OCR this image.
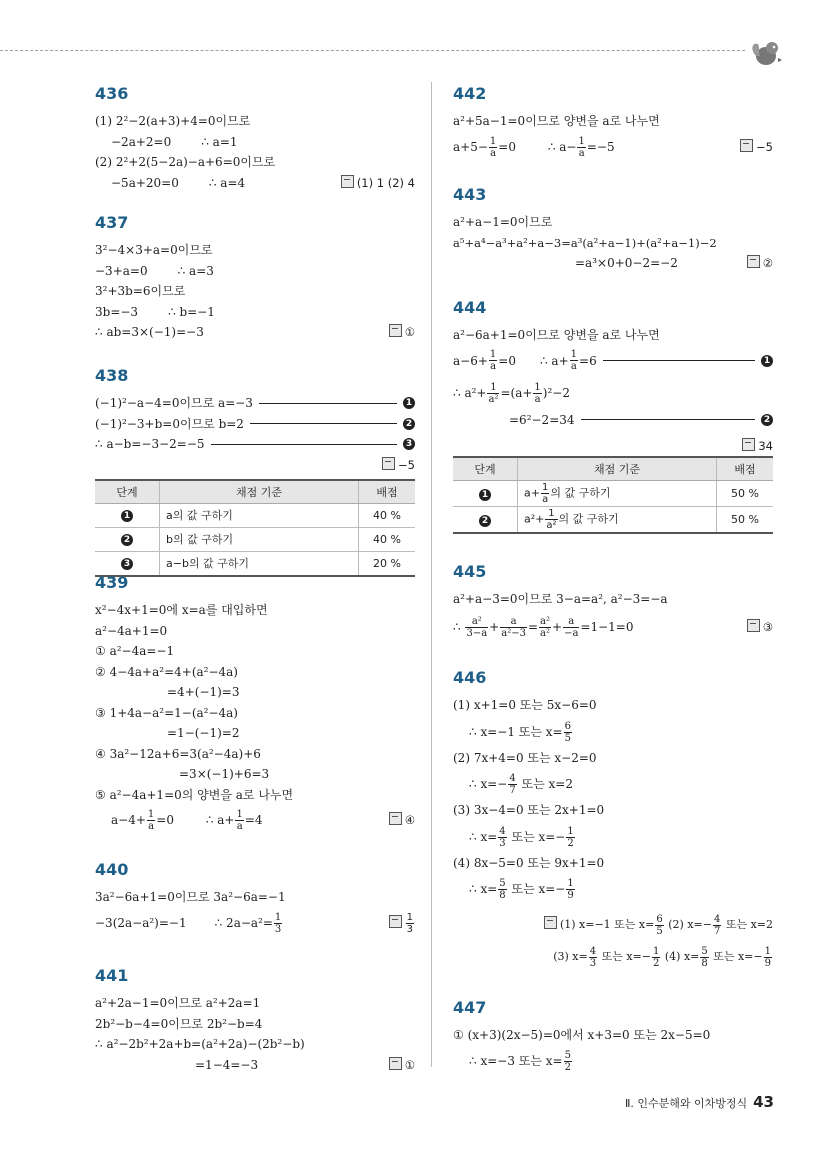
436
(1) 2²−2(a+3)+4=0이므로
−2a+2=0	∴ a=1
(2) 2²+2(5−2a)−a+6=0이므로
−5a+20=0	∴ a=4	(1) 1 (2) 4
437
3²−4×3+a=0이므로
−3+a=0	∴ a=3
3²+3b=6이므로
3b=−3	∴ b=−1
∴ ab=3×(−1)=−3	①
438
(−1)²−a−4=0이므로 a=−3	1
(−1)²−3+b=0이므로 b=2	2
∴ a−b=−3−2=−5	3
−5
단계	채점 기준	배점
1	a의 값 구하기	40 %
2	b의 값 구하기	40 %
3	a−b의 값 구하기	20 %
439
x²−4x+1=0에 x=a를 대입하면
a²−4a+1=0
① a²−4a=−1
② 4−4a+a²=4+(a²−4a)
=4+(−1)=3
③ 1+4a−a²=1−(a²−4a)
=1−(−1)=2
④ 3a²−12a+6=3(a²−4a)+6
=3×(−1)+6=3
⑤ a²−4a+1=0의 양변을 a로 나누면
$a-4+ \frac{1}{a} =0$	∴ $a+ \frac{1}{a} =4$	④
440
3a²−6a+1=0이므로 3a²−6a=−1
−3(2a−a²)=−1 ∴ $2a-a^2= \frac{1}{3}$	$\frac{1}{3}$
441
a²+2a−1=0이므로 a²+2a=1
2b²−b−4=0이므로 2b²−b=4
∴ a²−2b²+2a+b=(a²+2a)−(2b²−b)
=1−4=−3	①
442
a²+5a−1=0이므로 양변을 a로 나누면
$a+5- \frac{1}{a} =0$	∴ $a- \frac{1}{a} =-5$	−5
443
a²+a−1=0이므로
a⁵+a⁴−a³+a²+a−3=a³(a²+a−1)+(a²+a−1)−2
=a³×0+0−2=−2	②
444
a²−6a+1=0이므로 양변을 a로 나누면
$a-6+ \frac{1}{a} =0$ ∴ $a+ \frac{1}{a} =6$	1
∴ $a^2+ \frac{1}{\text{a²}} =(a+ \frac{1}{a} )^2-2$
=6²−2=34	2
34
단계	채점 기준	배점
1	$a+ \frac{1}{a}$ 의 값 구하기	50 %
2	$a^2+ \frac{1}{\text{a²}}$ 의 값 구하기	50 %
445
a²+a−3=0이므로 3−a=a², a²−3=−a
∴ $\frac{\text{a²}}{3-a} + \frac{a}{\text{a²−3}} = \frac{\text{a²}}{\text{a²}} + \frac{a}{-a} =1-1=0$	③
446
(1) x+1=0 또는 5x−6=0
∴ x=−1 또는 $x= \frac{6}{5}$
(2) 7x+4=0 또는 x−2=0
∴ $x=- \frac{4}{7}$ 또는 x=2
(3) 3x−4=0 또는 2x+1=0
∴ $x= \frac{4}{3}$ 또는 $x=- \frac{1}{2}$
(4) 8x−5=0 또는 9x+1=0
∴ $x= \frac{5}{8}$ 또는 $x=- \frac{1}{9}$
(1) x=−1 또는 $x= \frac{6}{5} (2)$ $x=- \frac{4}{7}$ 또는 x=2
(3) $x= \frac{4}{3}$ 또는 $x=- \frac{1}{2} (4)$ $x= \frac{5}{8}$ 또는 $x=- \frac{1}{9}$
447
① (x+3)(2x−5)=0에서 x+3=0 또는 2x−5=0
∴ x=−3 또는 $x= \frac{5}{2}$
Ⅱ. 인수분해와 이차방정식 43
